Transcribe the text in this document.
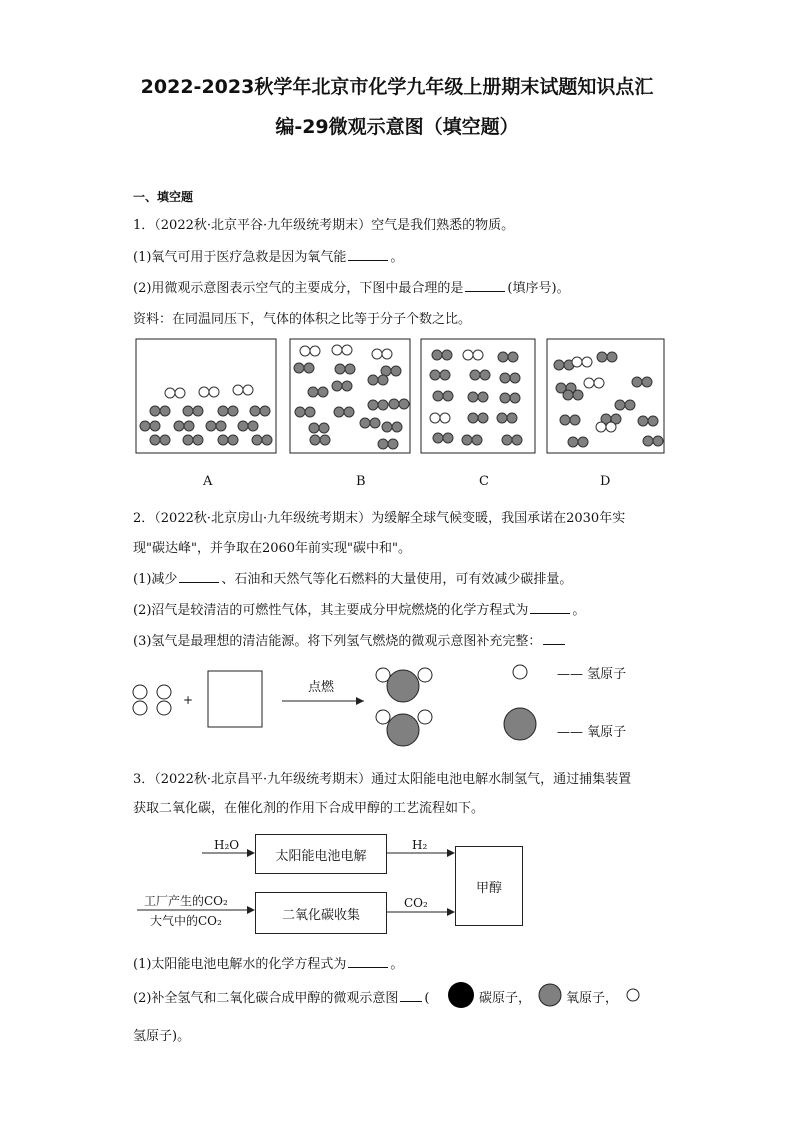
2022-2023秋学年北京市化学九年级上册期末试题知识点汇
编-29微观示意图（填空题）
一、填空题
1．（2022秋·北京平谷·九年级统考期末）空气是我们熟悉的物质。
(1)氧气可用于医疗急救是因为氧气能	。
(2)用微观示意图表示空气的主要成分，下图中最合理的是	(填序号)。
资料：在同温同压下，气体的体积之比等于分子个数之比。
A	B	C	D
2．（2022秋·北京房山·九年级统考期末）为缓解全球气候变暖，我国承诺在2030年实
现"碳达峰"，并争取在2060年前实现"碳中和"。
(1)减少	、石油和天然气等化石燃料的大量使用，可有效减少碳排量。
(2)沼气是较清洁的可燃性气体，其主要成分甲烷燃烧的化学方程式为	。
(3)氢气是最理想的清洁能源。将下列氢气燃烧的微观示意图补充完整：
+
点燃
—— 氢原子
—— 氧原子
3．（2022秋·北京昌平·九年级统考期末）通过太阳能电池电解水制氢气，通过捕集装置
获取二氧化碳，在催化剂的作用下合成甲醇的工艺流程如下。
太阳能电池电解
二氧化碳收集
甲醇
H₂O	H₂
工厂产生的CO₂
大气中的CO₂
CO₂
(1)太阳能电池电解水的化学方程式为	。
(2)补全氢气和二氧化碳合成甲醇的微观示意图 (	碳原子，	氧原子，
氢原子)。
